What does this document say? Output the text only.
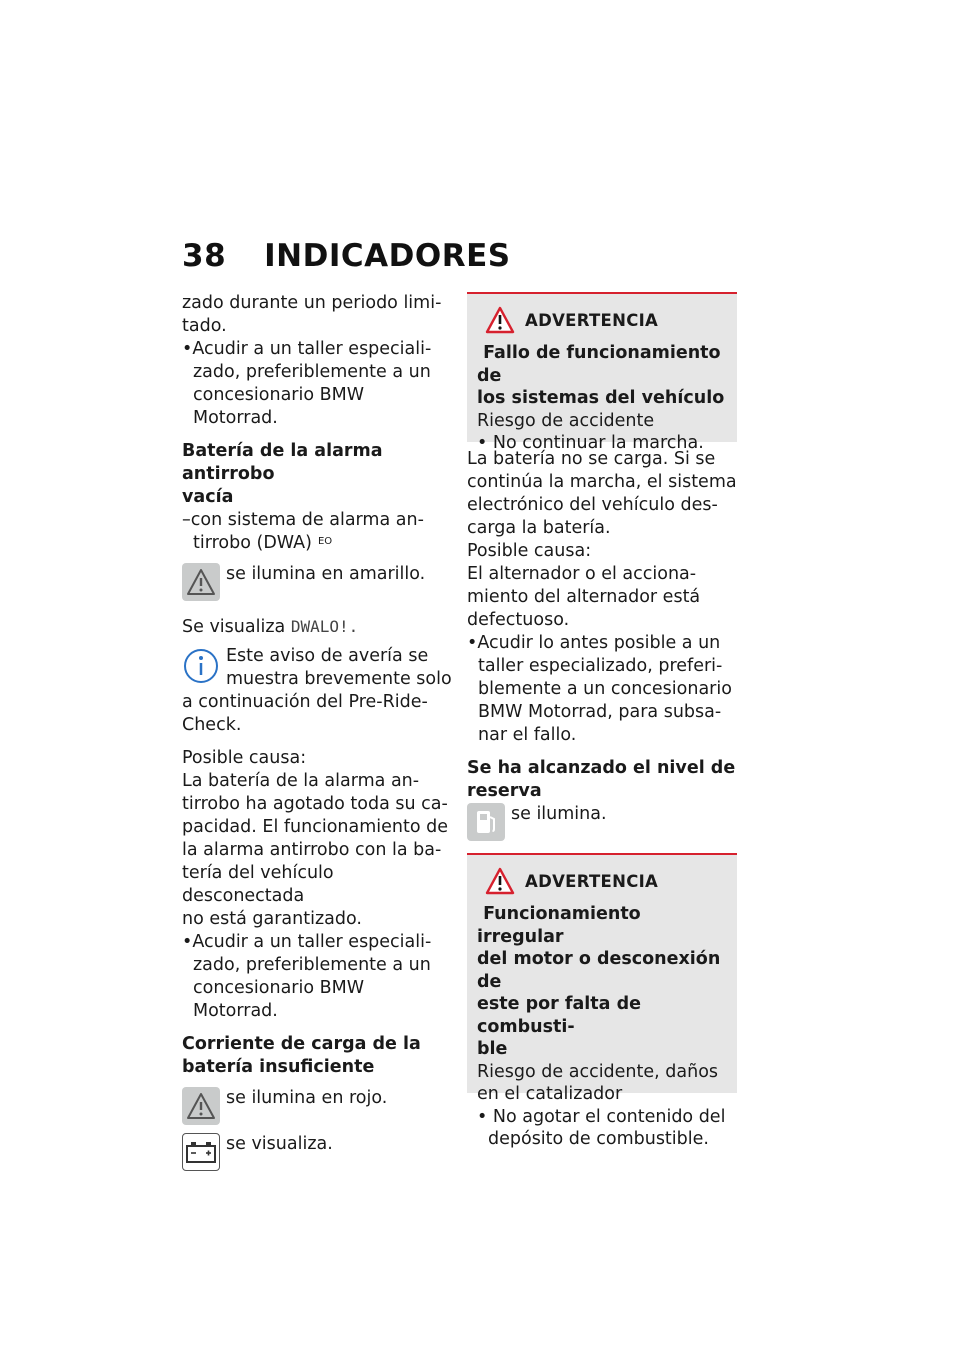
38 INDICADORES

zado durante un periodo limi-
tado.

•Acudir a un taller especiali-
zado, preferiblemente a un
concesionario BMW Motorrad.

Batería de la alarma antirrobo
vacía

–con sistema de alarma an-
tirrobo (DWA) $^{EO}$

se ilumina en amarillo.

Se visualiza DWALO!.

Este aviso de avería se
muestra brevemente solo
a continuación del Pre-Ride-
Check.

Posible causa:

La batería de la alarma an-
tirrobo ha agotado toda su ca-
pacidad. El funcionamiento de
la alarma antirrobo con la ba-
tería del vehículo desconectada
no está garantizado.

•Acudir a un taller especiali-
zado, preferiblemente a un
concesionario BMW Motorrad.

Corriente de carga de la
batería insuficiente

se ilumina en rojo.
se visualiza.
ADVERTENCIA

Fallo de funcionamiento de
los sistemas del vehículo

Riesgo de accidente

• No continuar la marcha.

La batería no se carga. Si se
continúa la marcha, el sistema
electrónico del vehículo des-
carga la batería.

Posible causa:

El alternador o el acciona-
miento del alternador está
defectuoso.

•Acudir lo antes posible a un
taller especializado, preferi-
blemente a un concesionario
BMW Motorrad, para subsa-
nar el fallo.

Se ha alcanzado el nivel de
reserva

se ilumina.
ADVERTENCIA

Funcionamiento irregular
del motor o desconexión de
este por falta de combusti-
ble

Riesgo de accidente, daños
en el catalizador

• No agotar el contenido del
depósito de combustible.
